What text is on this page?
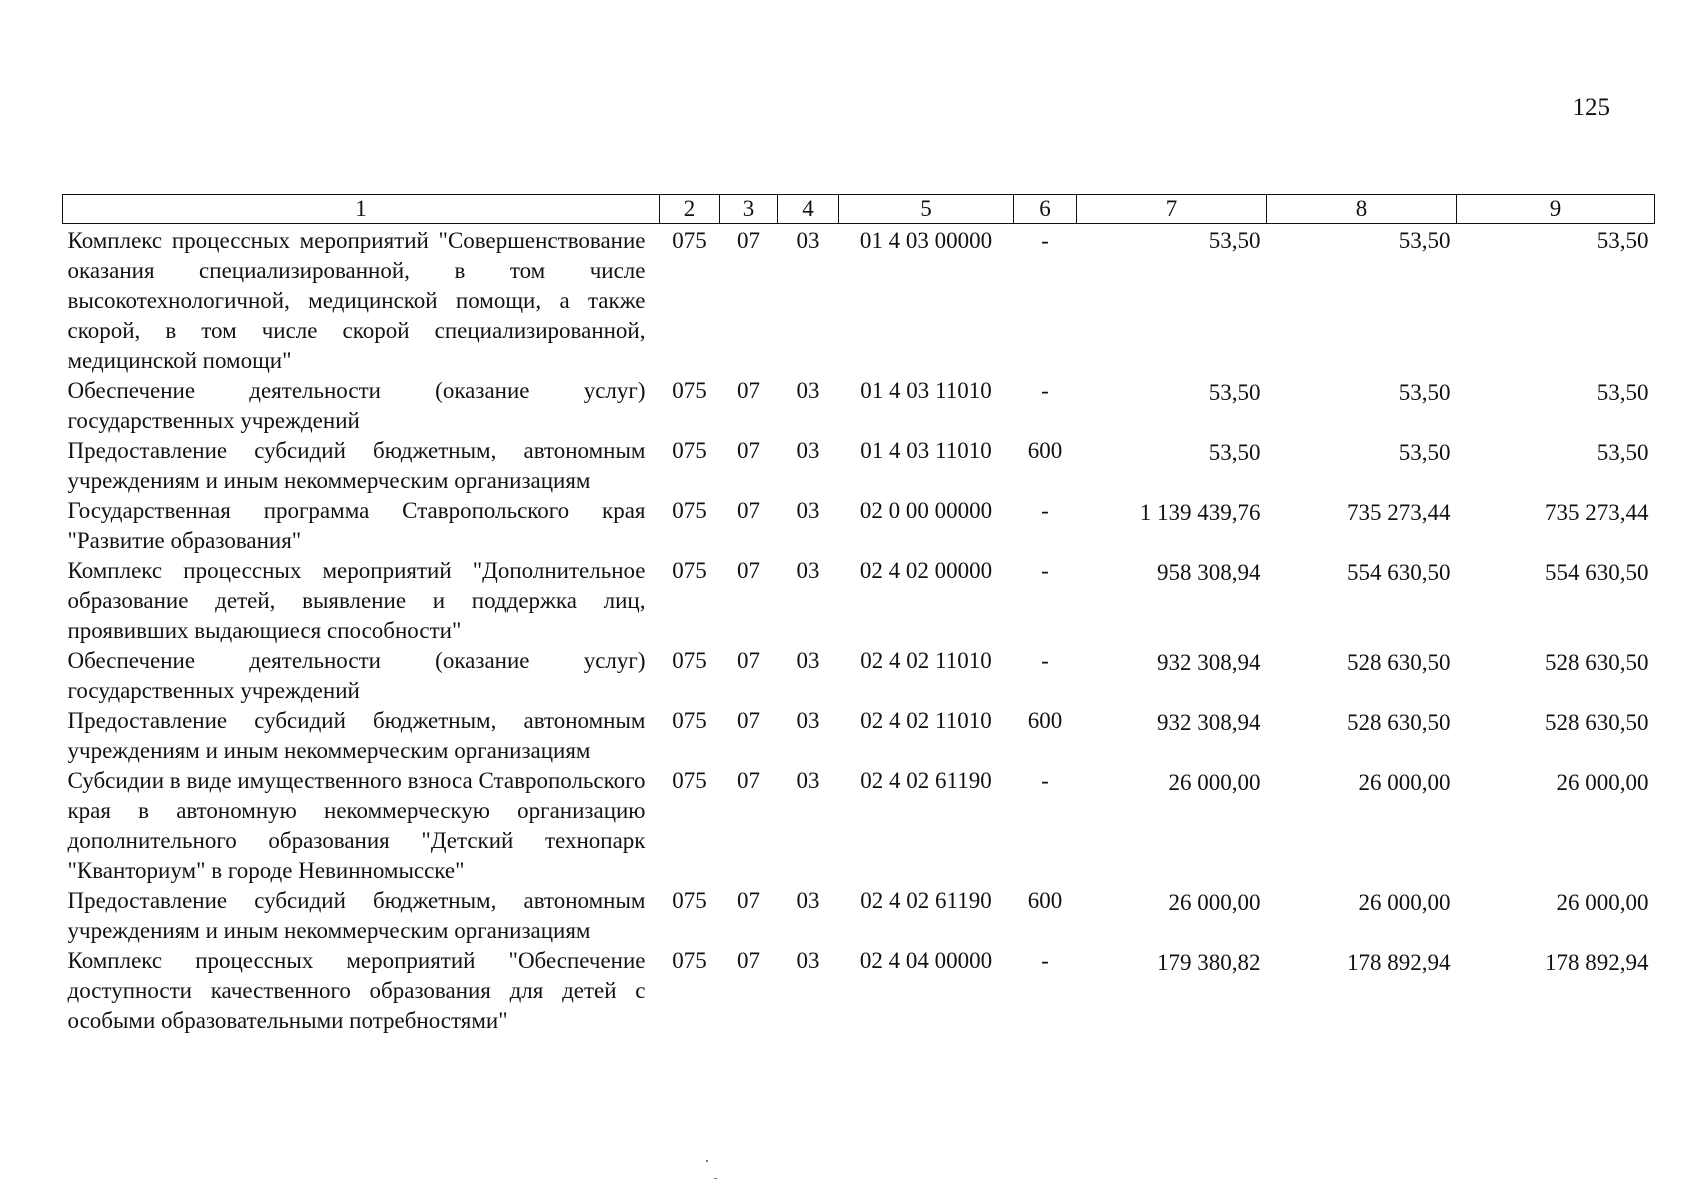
125
1	2	3	4	5	6	7	8	9
Комплекс процессных мероприятий "Совершенствование оказания специализированной, в том числе высокотехнологичной, медицинской помощи, а также скорой, в том числе скорой специализированной, медицинской помощи"	075	07	03	01 4 03 00000	-	53,50	53,50	53,50
Обеспечение деятельности (оказание услуг) государственных учреждений	075	07	03	01 4 03 11010	-	53,50	53,50	53,50
Предоставление субсидий бюджетным, автономным учреждениям и иным некоммерческим организациям	075	07	03	01 4 03 11010	600	53,50	53,50	53,50
Государственная программа Ставропольского края "Развитие образования"	075	07	03	02 0 00 00000	-	1 139 439,76	735 273,44	735 273,44
Комплекс процессных мероприятий "Дополнительное образование детей, выявление и поддержка лиц, проявивших выдающиеся способности"	075	07	03	02 4 02 00000	-	958 308,94	554 630,50	554 630,50
Обеспечение деятельности (оказание услуг) государственных учреждений	075	07	03	02 4 02 11010	-	932 308,94	528 630,50	528 630,50
Предоставление субсидий бюджетным, автономным учреждениям и иным некоммерческим организациям	075	07	03	02 4 02 11010	600	932 308,94	528 630,50	528 630,50
Субсидии в виде имущественного взноса Ставропольского края в автономную некоммерческую организацию дополнительного образования "Детский технопарк "Кванториум" в городе Невинномысске"	075	07	03	02 4 02 61190	-	26 000,00	26 000,00	26 000,00
Предоставление субсидий бюджетным, автономным учреждениям и иным некоммерческим организациям	075	07	03	02 4 02 61190	600	26 000,00	26 000,00	26 000,00
Комплекс процессных мероприятий "Обеспечение доступности качественного образования для детей с особыми образовательными потребностями"	075	07	03	02 4 04 00000	-	179 380,82	178 892,94	178 892,94
